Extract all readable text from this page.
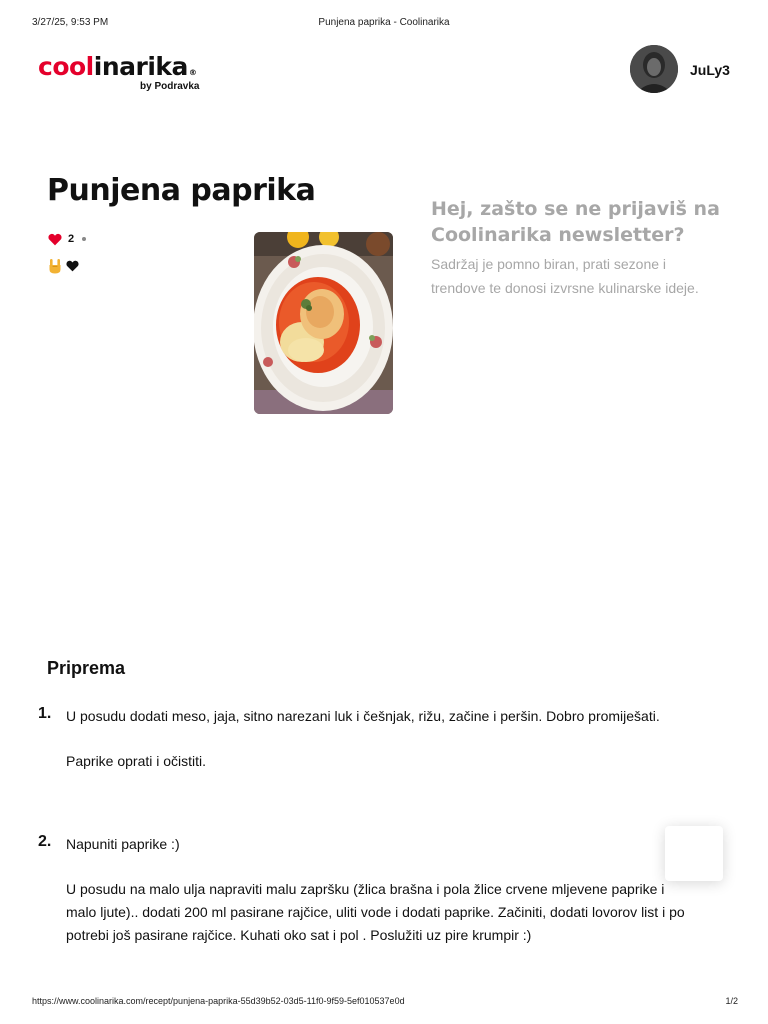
3/27/25, 9:53 PM	Punjena paprika - Coolinarika
coolinarika®
by Podravka
JuLy3
Punjena paprika
2
Hej, zašto se ne prijaviš na Coolinarika newsletter?
Sadržaj je pomno biran, prati sezone i trendove te donosi izvrsne kulinarske ideje.
Priprema
1. U posudu dodati meso, jaja, sitno narezani luk i češnjak, rižu, začine i peršin. Dobro promiješati.

Paprike oprati i očistiti.

2. Napuniti paprike :)

U posudu na malo ulja napraviti malu zapršku (žlica brašna i pola žlice crvene mljevene paprike i malo ljute).. dodati 200 ml pasirane rajčice, uliti vode i dodati paprike. Začiniti, dodati lovorov list i po potrebi još pasirane rajčice. Kuhati oko sat i pol . Poslužiti uz pire krumpir :)

https://www.coolinarika.com/recept/punjena-paprika-55d39b52-03d5-11f0-9f59-5ef010537e0d	1/2
